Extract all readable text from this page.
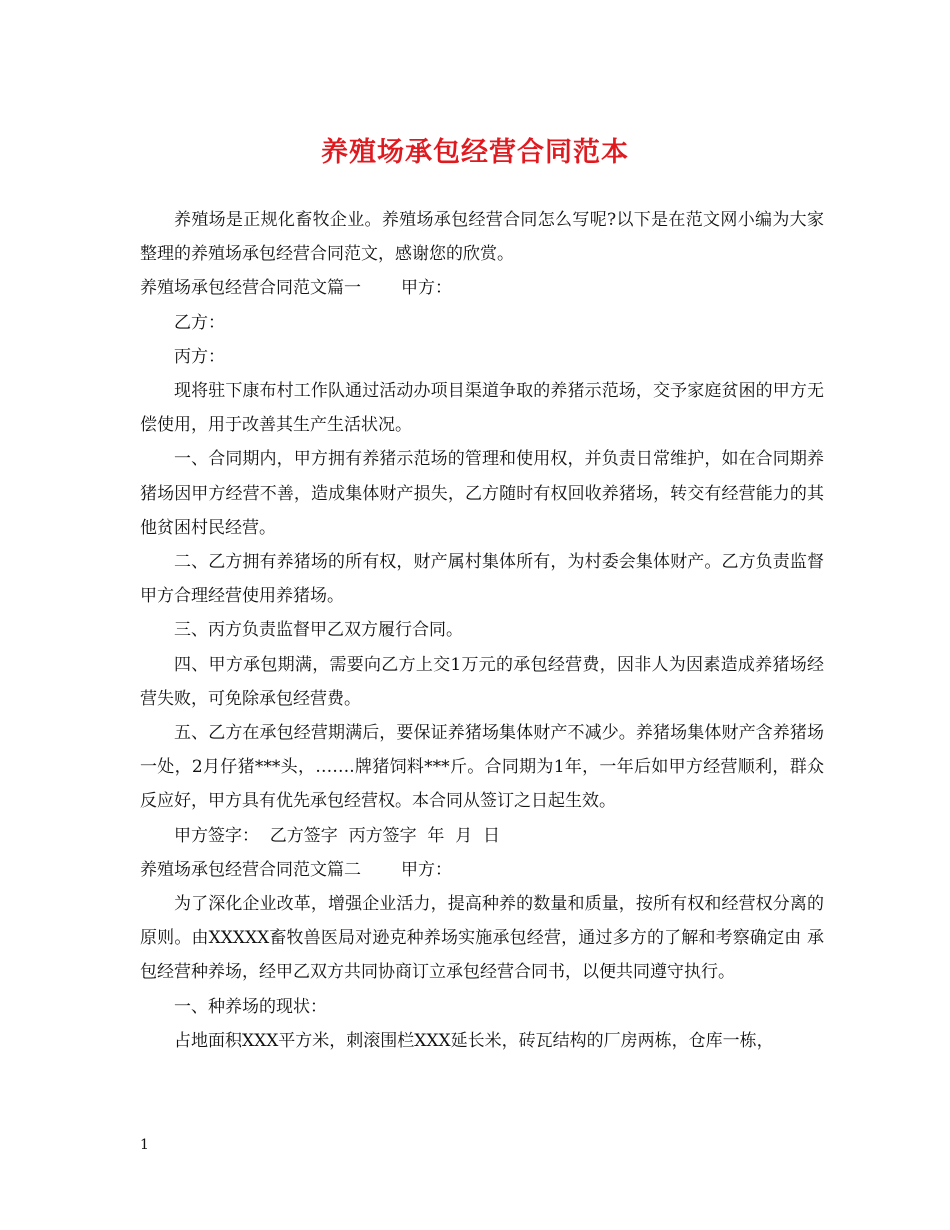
养殖场承包经营合同范本

养殖场是正规化畜牧企业。养殖场承包经营合同怎么写呢?以下是在范文网小编为大家整理的养殖场承包经营合同范文，感谢您的欣赏。

养殖场承包经营合同范文篇一 甲方：

乙方：

丙方：

现将驻下康布村工作队通过活动办项目渠道争取的养猪示范场，交予家庭贫困的甲方无偿使用，用于改善其生产生活状况。

一、合同期内，甲方拥有养猪示范场的管理和使用权，并负责日常维护，如在合同期养猪场因甲方经营不善，造成集体财产损失，乙方随时有权回收养猪场，转交有经营能力的其他贫困村民经营。

二、乙方拥有养猪场的所有权，财产属村集体所有，为村委会集体财产。乙方负责监督甲方合理经营使用养猪场。

三、丙方负责监督甲乙双方履行合同。

四、甲方承包期满，需要向乙方上交1万元的承包经营费，因非人为因素造成养猪场经营失败，可免除承包经营费。

五、乙方在承包经营期满后，要保证养猪场集体财产不减少。养猪场集体财产含养猪场一处，2月仔猪***头，…….牌猪饲料***斤。合同期为1年，一年后如甲方经营顺利，群众反应好，甲方具有优先承包经营权。本合同从签订之日起生效。

甲方签字：  乙方签字  丙方签字  年  月  日

养殖场承包经营合同范文篇二 甲方：

为了深化企业改革，增强企业活力，提高种养的数量和质量，按所有权和经营权分离的原则。由XXXXX畜牧兽医局对逊克种养场实施承包经营，通过多方的了解和考察确定由 承包经营种养场，经甲乙双方共同协商订立承包经营合同书，以便共同遵守执行。

一、种养场的现状：

占地面积XXX平方米，刺滚围栏XXX延长米，砖瓦结构的厂房两栋，仓库一栋，

1
